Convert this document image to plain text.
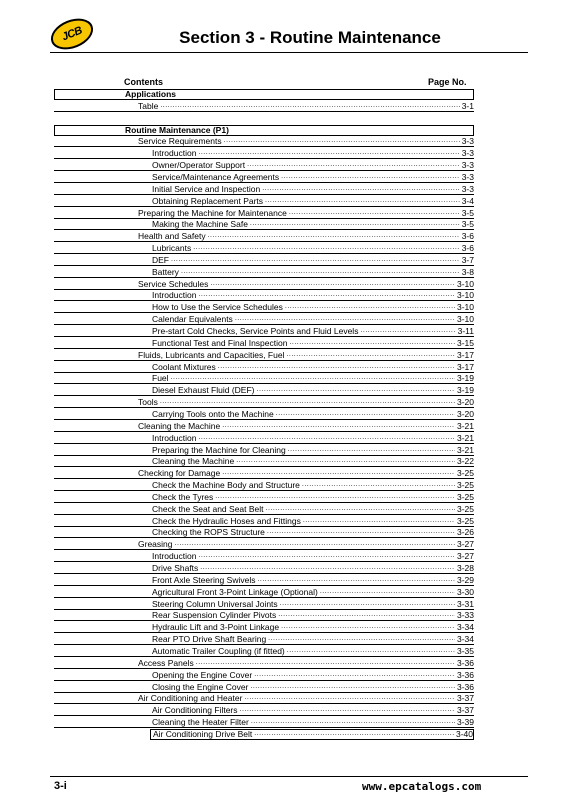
JCB	Section 3 - Routine Maintenance
Contents	Page No.
Applications
Table .....	3-1
Routine Maintenance (P1)
Service Requirements .....	3-3
Introduction .....	3-3
Owner/Operator Support .....	3-3
Service/Maintenance Agreements .....	3-3
Initial Service and Inspection .....	3-3
Obtaining Replacement Parts .....	3-4
Preparing the Machine for Maintenance .....	3-5
Making the Machine Safe .....	3-5
Health and Safety .....	3-6
Lubricants .....	3-6
DEF .....	3-7
Battery .....	3-8
Service Schedules .....	3-10
Introduction .....	3-10
How to Use the Service Schedules .....	3-10
Calendar Equivalents .....	3-10
Pre-start Cold Checks, Service Points and Fluid Levels .....	3-11
Functional Test and Final Inspection .....	3-15
Fluids, Lubricants and Capacities, Fuel .....	3-17
Coolant Mixtures .....	3-17
Fuel .....	3-19
Diesel Exhaust Fluid (DEF) .....	3-19
Tools .....	3-20
Carrying Tools onto the Machine .....	3-20
Cleaning the Machine .....	3-21
Introduction .....	3-21
Preparing the Machine for Cleaning .....	3-21
Cleaning the Machine .....	3-22
Checking for Damage .....	3-25
Check the Machine Body and Structure .....	3-25
Check the Tyres .....	3-25
Check the Seat and Seat Belt .....	3-25
Check the Hydraulic Hoses and Fittings .....	3-25
Checking the ROPS Structure .....	3-26
Greasing .....	3-27
Introduction .....	3-27
Drive Shafts .....	3-28
Front Axle Steering Swivels .....	3-29
Agricultural Front 3-Point Linkage (Optional) .....	3-30
Steering Column Universal Joints .....	3-31
Rear Suspension Cylinder Pivots .....	3-33
Hydraulic Lift and 3-Point Linkage .....	3-34
Rear PTO Drive Shaft Bearing .....	3-34
Automatic Trailer Coupling (if fitted) .....	3-35
Access Panels .....	3-36
Opening the Engine Cover .....	3-36
Closing the Engine Cover .....	3-36
Air Conditioning and Heater .....	3-37
Air Conditioning Filters .....	3-37
Cleaning the Heater Filter .....	3-39
Air Conditioning Drive Belt .....	3-40
3-i	www.epcatalogs.com
